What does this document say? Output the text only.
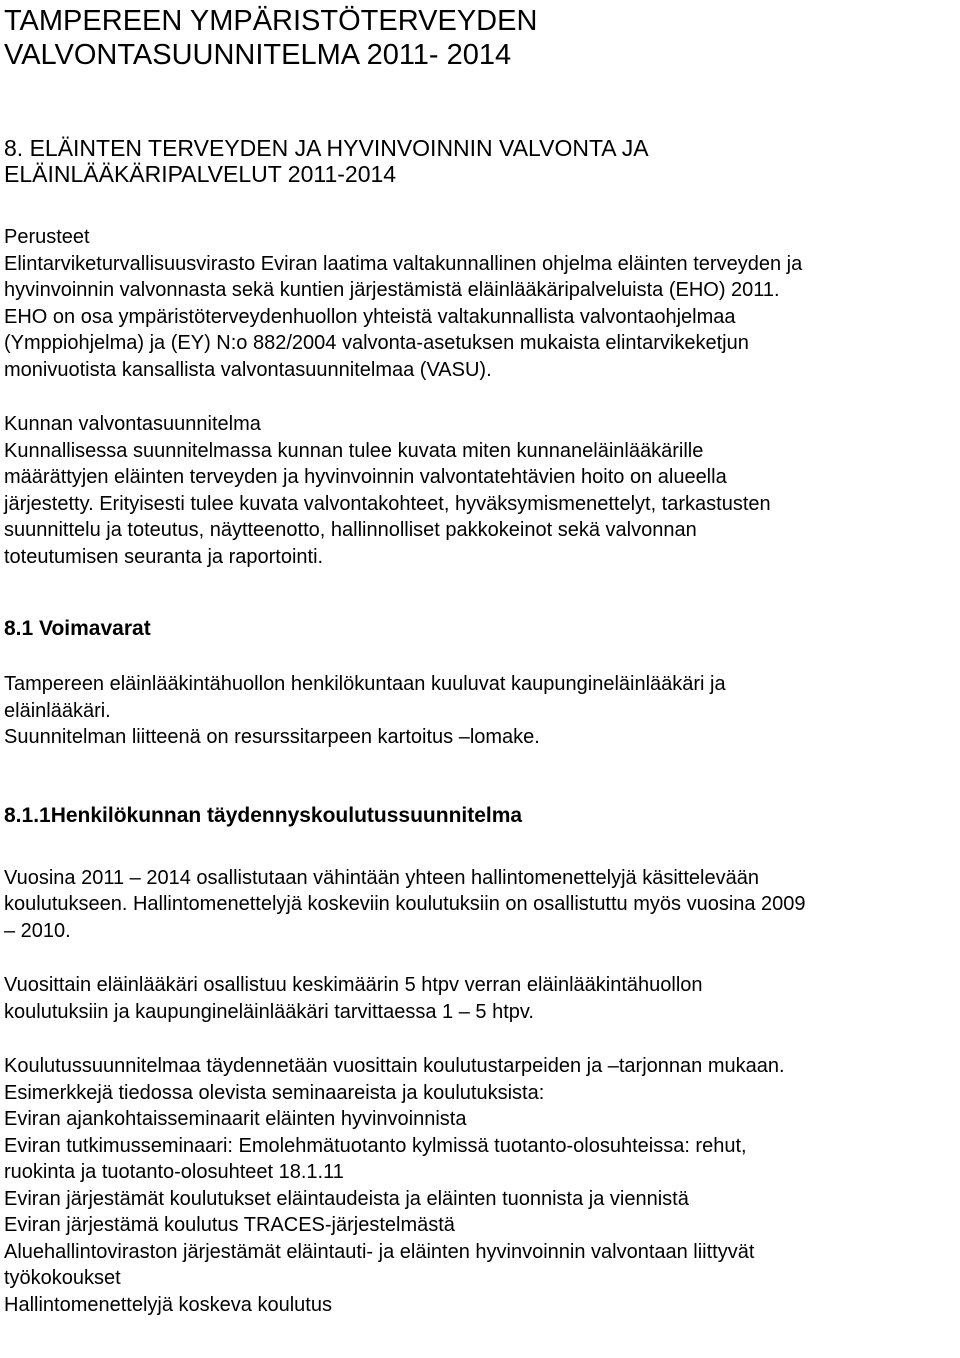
TAMPEREEN YMPÄRISTÖTERVEYDEN
VALVONTASUUNNITELMA 2011- 2014
8. ELÄINTEN TERVEYDEN JA HYVINVOINNIN VALVONTA JA
ELÄINLÄÄKÄRIPALVELUT 2011-2014
Perusteet
Elintarviketurvallisuusvirasto Eviran laatima valtakunnallinen ohjelma eläinten terveyden ja
hyvinvoinnin valvonnasta sekä kuntien järjestämistä eläinlääkäripalveluista (EHO) 2011.
EHO on osa ympäristöterveydenhuollon yhteistä valtakunnallista valvontaohjelmaa
(Ymppiohjelma) ja (EY) N:o 882/2004 valvonta-asetuksen mukaista elintarvikeketjun
monivuotista kansallista valvontasuunnitelmaa (VASU).
Kunnan valvontasuunnitelma
Kunnallisessa suunnitelmassa kunnan tulee kuvata miten kunnaneläinlääkärille
määrättyjen eläinten terveyden ja hyvinvoinnin valvontatehtävien hoito on alueella
järjestetty. Erityisesti tulee kuvata valvontakohteet, hyväksymismenettelyt, tarkastusten
suunnittelu ja toteutus, näytteenotto, hallinnolliset pakkokeinot sekä valvonnan
toteutumisen seuranta ja raportointi.
8.1 Voimavarat
Tampereen eläinlääkintähuollon henkilökuntaan kuuluvat kaupungineläinlääkäri ja
eläinlääkäri.
Suunnitelman liitteenä on resurssitarpeen kartoitus –lomake.
8.1.1Henkilökunnan täydennyskoulutussuunnitelma
Vuosina 2011 – 2014 osallistutaan vähintään yhteen hallintomenettelyjä käsittelevään
koulutukseen. Hallintomenettelyjä koskeviin koulutuksiin on osallistuttu myös vuosina 2009
– 2010.
Vuosittain eläinlääkäri osallistuu keskimäärin 5 htpv verran eläinlääkintähuollon
koulutuksiin ja kaupungineläinlääkäri tarvittaessa 1 – 5 htpv.
Koulutussuunnitelmaa täydennetään vuosittain koulutustarpeiden ja –tarjonnan mukaan.
Esimerkkejä tiedossa olevista seminaareista ja koulutuksista:
Eviran ajankohtaisseminaarit eläinten hyvinvoinnista
Eviran tutkimusseminaari: Emolehmätuotanto kylmissä tuotanto-olosuhteissa: rehut,
ruokinta ja tuotanto-olosuhteet 18.1.11
Eviran järjestämät koulutukset eläintaudeista ja eläinten tuonnista ja viennistä
Eviran järjestämä koulutus TRACES-järjestelmästä
Aluehallintoviraston järjestämät eläintauti- ja eläinten hyvinvoinnin valvontaan liittyvät
työkokoukset
Hallintomenettelyjä koskeva koulutus
